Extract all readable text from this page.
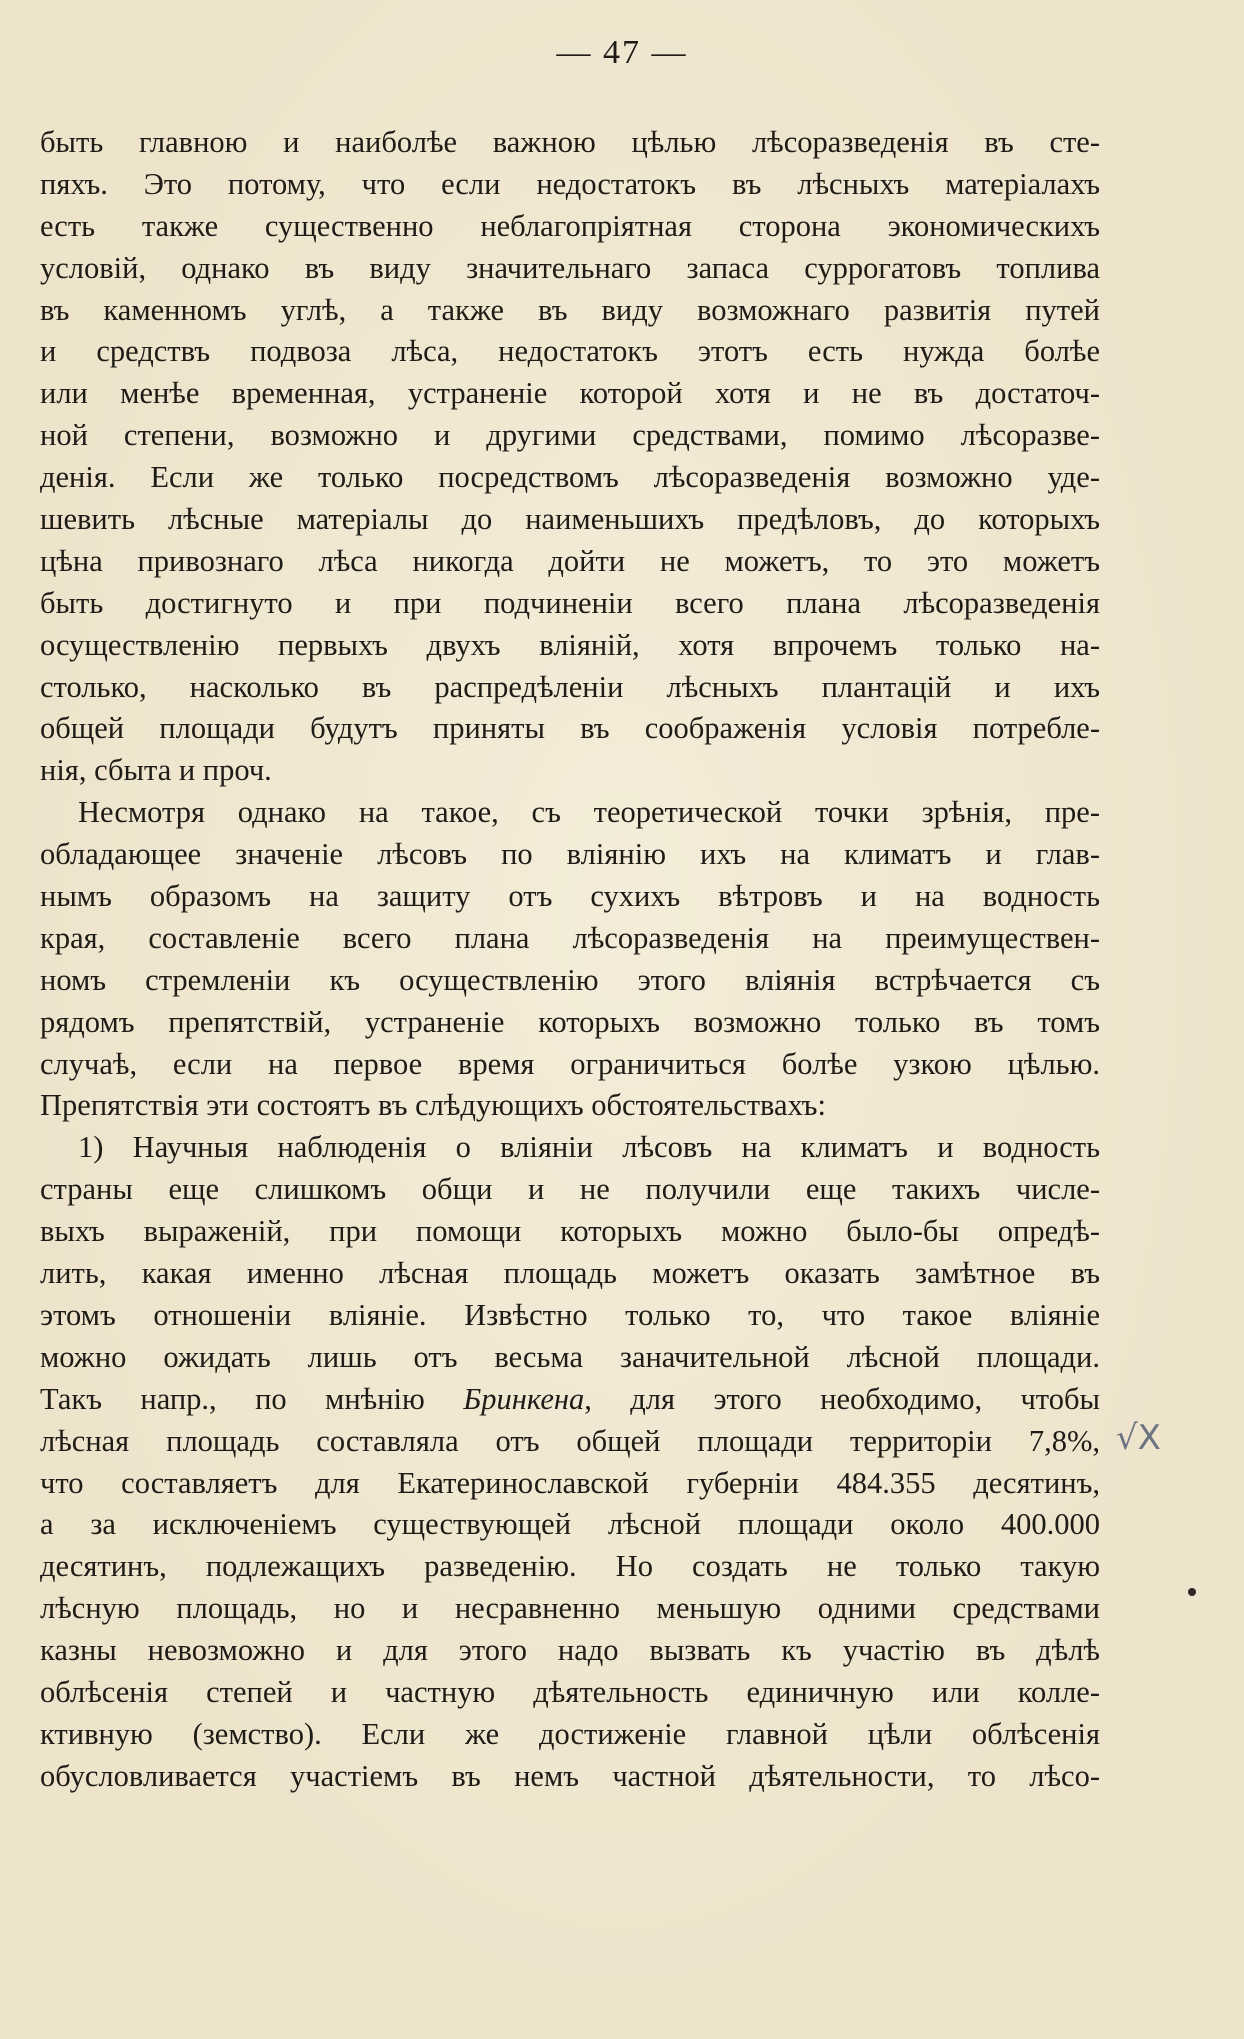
— 47 —
быть главною и наиболѣе важною цѣлью лѣсоразведенія въ сте-
пяхъ. Это потому, что если недостатокъ въ лѣсныхъ матеріалахъ
есть также существенно неблагопріятная сторона экономическихъ
условій, однако въ виду значительнаго запаса суррогатовъ топлива
въ каменномъ углѣ, а также въ виду возможнаго развитія путей
и средствъ подвоза лѣса, недостатокъ этотъ есть нужда болѣе
или менѣе временная, устраненіе которой хотя и не въ достаточ-
ной степени, возможно и другими средствами, помимо лѣсоразве-
денія. Если же только посредствомъ лѣсоразведенія возможно уде-
шевить лѣсные матеріалы до наименьшихъ предѣловъ, до которыхъ
цѣна привознаго лѣса никогда дойти не можетъ, то это можетъ
быть достигнуто и при подчиненіи всего плана лѣсоразведенія
осуществленію первыхъ двухъ вліяній, хотя впрочемъ только на-
столько, насколько въ распредѣленіи лѣсныхъ плантацій и ихъ
общей площади будутъ приняты въ соображенія условія потребле-
нія, сбыта и проч.
Несмотря однако на такое, съ теоретической точки зрѣнія, пре-
обладающее значеніе лѣсовъ по вліянію ихъ на климатъ и глав-
нымъ образомъ на защиту отъ сухихъ вѣтровъ и на водность
края, составленіе всего плана лѣсоразведенія на преимуществен-
номъ стремленіи къ осуществленію этого вліянія встрѣчается съ
рядомъ препятствій, устраненіе которыхъ возможно только въ томъ
случаѣ, если на первое время ограничиться болѣе узкою цѣлью.
Препятствія эти состоятъ въ слѣдующихъ обстоятельствахъ:
1) Научныя наблюденія о вліяніи лѣсовъ на климатъ и водность
страны еще слишкомъ общи и не получили еще такихъ числе-
выхъ выраженій, при помощи которыхъ можно было-бы опредѣ-
лить, какая именно лѣсная площадь можетъ оказать замѣтное въ
этомъ отношеніи вліяніе. Извѣстно только то, что такое вліяніе
можно ожидать лишь отъ весьма заначительной лѣсной площади.
Такъ напр., по мнѣнію Бринкена, для этого необходимо, чтобы
лѣсная площадь составляла отъ общей площади территоріи 7,8%,
что составляетъ для Екатеринославской губерніи 484.355 десятинъ,
а за исключеніемъ существующей лѣсной площади около 400.000
десятинъ, подлежащихъ разведенію. Но создать не только такую
лѣсную площадь, но и несравненно меньшую одними средствами
казны невозможно и для этого надо вызвать къ участію въ дѣлѣ
облѣсенія степей и частную дѣятельность единичную или колле-
ктивную (земство). Если же достиженіе главной цѣли облѣсенія
обусловливается участіемъ въ немъ частной дѣятельности, то лѣсо-
√X
